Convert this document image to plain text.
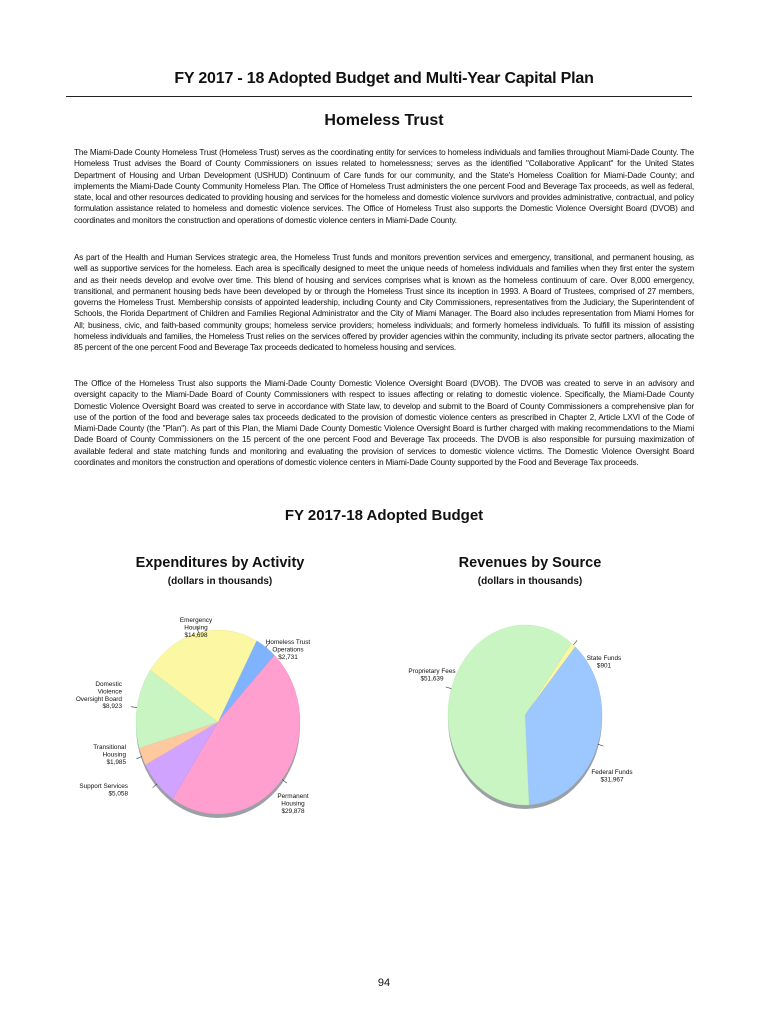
FY 2017 - 18 Adopted Budget and Multi-Year Capital Plan
Homeless Trust

The Miami-Dade County Homeless Trust (Homeless Trust) serves as the coordinating entity for services to homeless individuals and families throughout Miami-Dade County. The Homeless Trust advises the Board of County Commissioners on issues related to homelessness; serves as the identified "Collaborative Applicant" for the United States Department of Housing and Urban Development (USHUD) Continuum of Care funds for our community, and the State's Homeless Coalition for Miami-Dade County; and implements the Miami-Dade County Community Homeless Plan. The Office of Homeless Trust administers the one percent Food and Beverage Tax proceeds, as well as federal, state, local and other resources dedicated to providing housing and services for the homeless and domestic violence survivors and provides administrative, contractual, and policy formulation assistance related to homeless and domestic violence services. The Office of Homeless Trust also supports the Domestic Violence Oversight Board (DVOB) and coordinates and monitors the construction and operations of domestic violence centers in Miami-Dade County.

As part of the Health and Human Services strategic area, the Homeless Trust funds and monitors prevention services and emergency, transitional, and permanent housing, as well as supportive services for the homeless. Each area is specifically designed to meet the unique needs of homeless individuals and families when they first enter the system and as their needs develop and evolve over time. This blend of housing and services comprises what is known as the homeless continuum of care. Over 8,000 emergency, transitional, and permanent housing beds have been developed by or through the Homeless Trust since its inception in 1993. A Board of Trustees, comprised of 27 members, governs the Homeless Trust. Membership consists of appointed leadership, including County and City Commissioners, representatives from the Judiciary, the Superintendent of Schools, the Florida Department of Children and Families Regional Administrator and the City of Miami Manager. The Board also includes representation from Miami Homes for All; business, civic, and faith-based community groups; homeless service providers; homeless individuals; and formerly homeless individuals. To fulfill its mission of assisting homeless individuals and families, the Homeless Trust relies on the services offered by provider agencies within the community, including its private sector partners, allocating the 85 percent of the one percent Food and Beverage Tax proceeds dedicated to homeless housing and services.

The Office of the Homeless Trust also supports the Miami-Dade County Domestic Violence Oversight Board (DVOB). The DVOB was created to serve in an advisory and oversight capacity to the Miami-Dade Board of County Commissioners with respect to issues affecting or relating to domestic violence. Specifically, the Miami-Dade County Domestic Violence Oversight Board was created to serve in accordance with State law, to develop and submit to the Board of County Commissioners a comprehensive plan for use of the portion of the food and beverage sales tax proceeds dedicated to the provision of domestic violence centers as prescribed in Chapter 2, Article LXVI of the Code of Miami-Dade County (the "Plan"). As part of this Plan, the Miami Dade County Domestic Violence Oversight Board is further charged with making recommendations to the Miami Dade Board of County Commissioners on the 15 percent of the one percent Food and Beverage Tax proceeds. The DVOB is also responsible for pursuing maximization of available federal and state matching funds and monitoring and evaluating the provision of services to domestic violence victims. The Domestic Violence Oversight Board coordinates and monitors the construction and operations of domestic violence centers in Miami-Dade County supported by the Food and Beverage Tax proceeds.

FY 2017-18 Adopted Budget
Expenditures by Activity
(dollars in thousands)
Revenues by Source
(dollars in thousands)
Homeless Trust Operations $2,731
Permanent Housing $29,878
Support Services $5,058
Transitional Housing $1,985
Domestic Violence Oversight Board $8,923
Emergency Housing $14,698
State Funds $901
Federal Funds $31,967
Proprietary Fees $51,639
94
